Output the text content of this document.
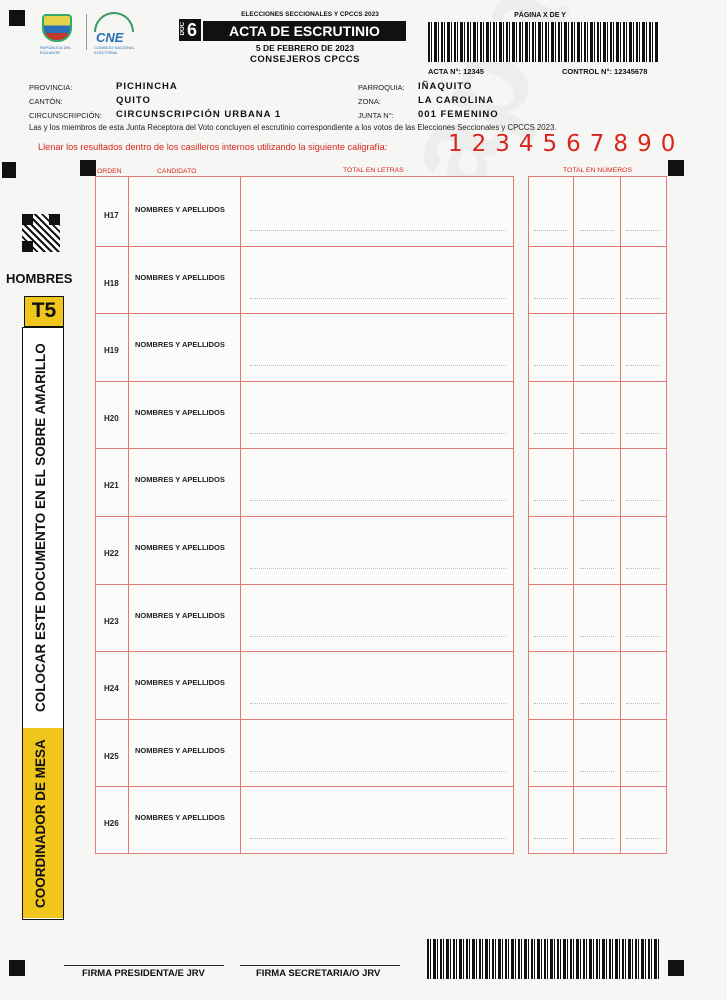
REPÚBLICA DEL ECUADOR
CNE
CONSEJO NACIONAL ELECTORAL
DOC 6
ELECCIONES SECCIONALES Y CPCCS 2023
ACTA DE ESCRUTINIO
5 DE FEBRERO DE 2023
CONSEJEROS CPCCS
PÁGINA X DE Y
ACTA N°: 12345	CONTROL N°: 12345678
PROVINCIA:	PICHINCHA
CANTÓN:	QUITO
CIRCUNSCRIPCIÓN: CIRCUNSCRIPCIÓN URBANA 1
PARROQUIA: IÑAQUITO
ZONA:	LA CAROLINA
JUNTA N°:	001 FEMENINO
Las y los miembros de esta Junta Receptora del Voto concluyen el escrutinio correspondiente a los votos de las Elecciones Seccionales y CPCCS 2023.
Llenar los resultados dentro de los casilleros internos utilizando la siguiente caligrafía:	1234567890
HOMBRES
T5
COLOCAR ESTE DOCUMENTO EN EL SOBRE AMARILLO
COORDINADOR DE MESA
ORDEN	CANDIDATO	TOTAL EN LETRAS	TOTAL EN NÚMEROS
H17
NOMBRES Y APELLIDOS
H18
NOMBRES Y APELLIDOS
H19
NOMBRES Y APELLIDOS
H20
NOMBRES Y APELLIDOS
H21
NOMBRES Y APELLIDOS
H22
NOMBRES Y APELLIDOS
H23
NOMBRES Y APELLIDOS
H24
NOMBRES Y APELLIDOS
H25
NOMBRES Y APELLIDOS
H26
NOMBRES Y APELLIDOS
FIRMA PRESIDENTA/E JRV	FIRMA SECRETARIA/O JRV
